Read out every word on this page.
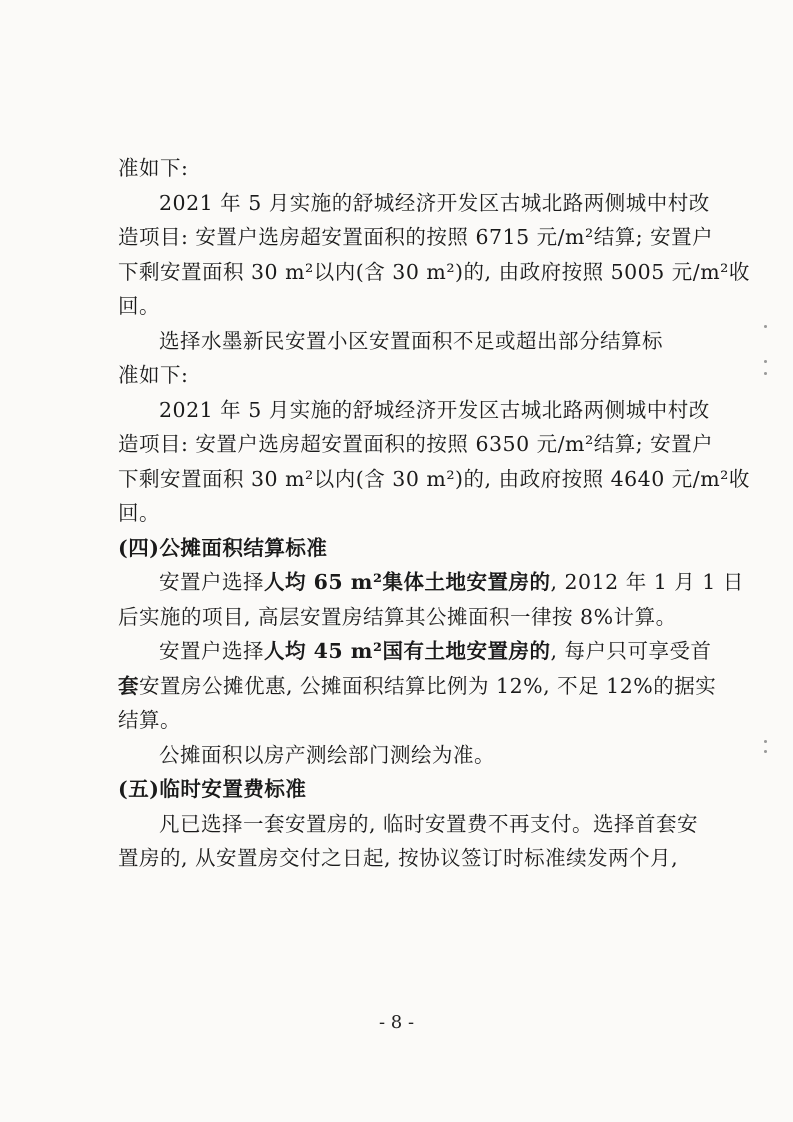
准如下:
2021 年 5 月实施的舒城经济开发区古城北路两侧城中村改
造项目: 安置户选房超安置面积的按照 6715 元/m²结算; 安置户
下剩安置面积 30 m²以内(含 30 m²)的, 由政府按照 5005 元/m²收
回。
选择水墨新民安置小区安置面积不足或超出部分结算标
准如下:
2021 年 5 月实施的舒城经济开发区古城北路两侧城中村改
造项目: 安置户选房超安置面积的按照 6350 元/m²结算; 安置户
下剩安置面积 30 m²以内(含 30 m²)的, 由政府按照 4640 元/m²收
回。
(四)公摊面积结算标准
安置户选择人均 65 m²集体土地安置房的, 2012 年 1 月 1 日
后实施的项目, 高层安置房结算其公摊面积一律按 8%计算。
安置户选择人均 45 m²国有土地安置房的, 每户只可享受首
套安置房公摊优惠, 公摊面积结算比例为 12%, 不足 12%的据实
结算。
公摊面积以房产测绘部门测绘为准。
(五)临时安置费标准
凡已选择一套安置房的, 临时安置费不再支付。选择首套安
置房的, 从安置房交付之日起, 按协议签订时标准续发两个月,
- 8 -
